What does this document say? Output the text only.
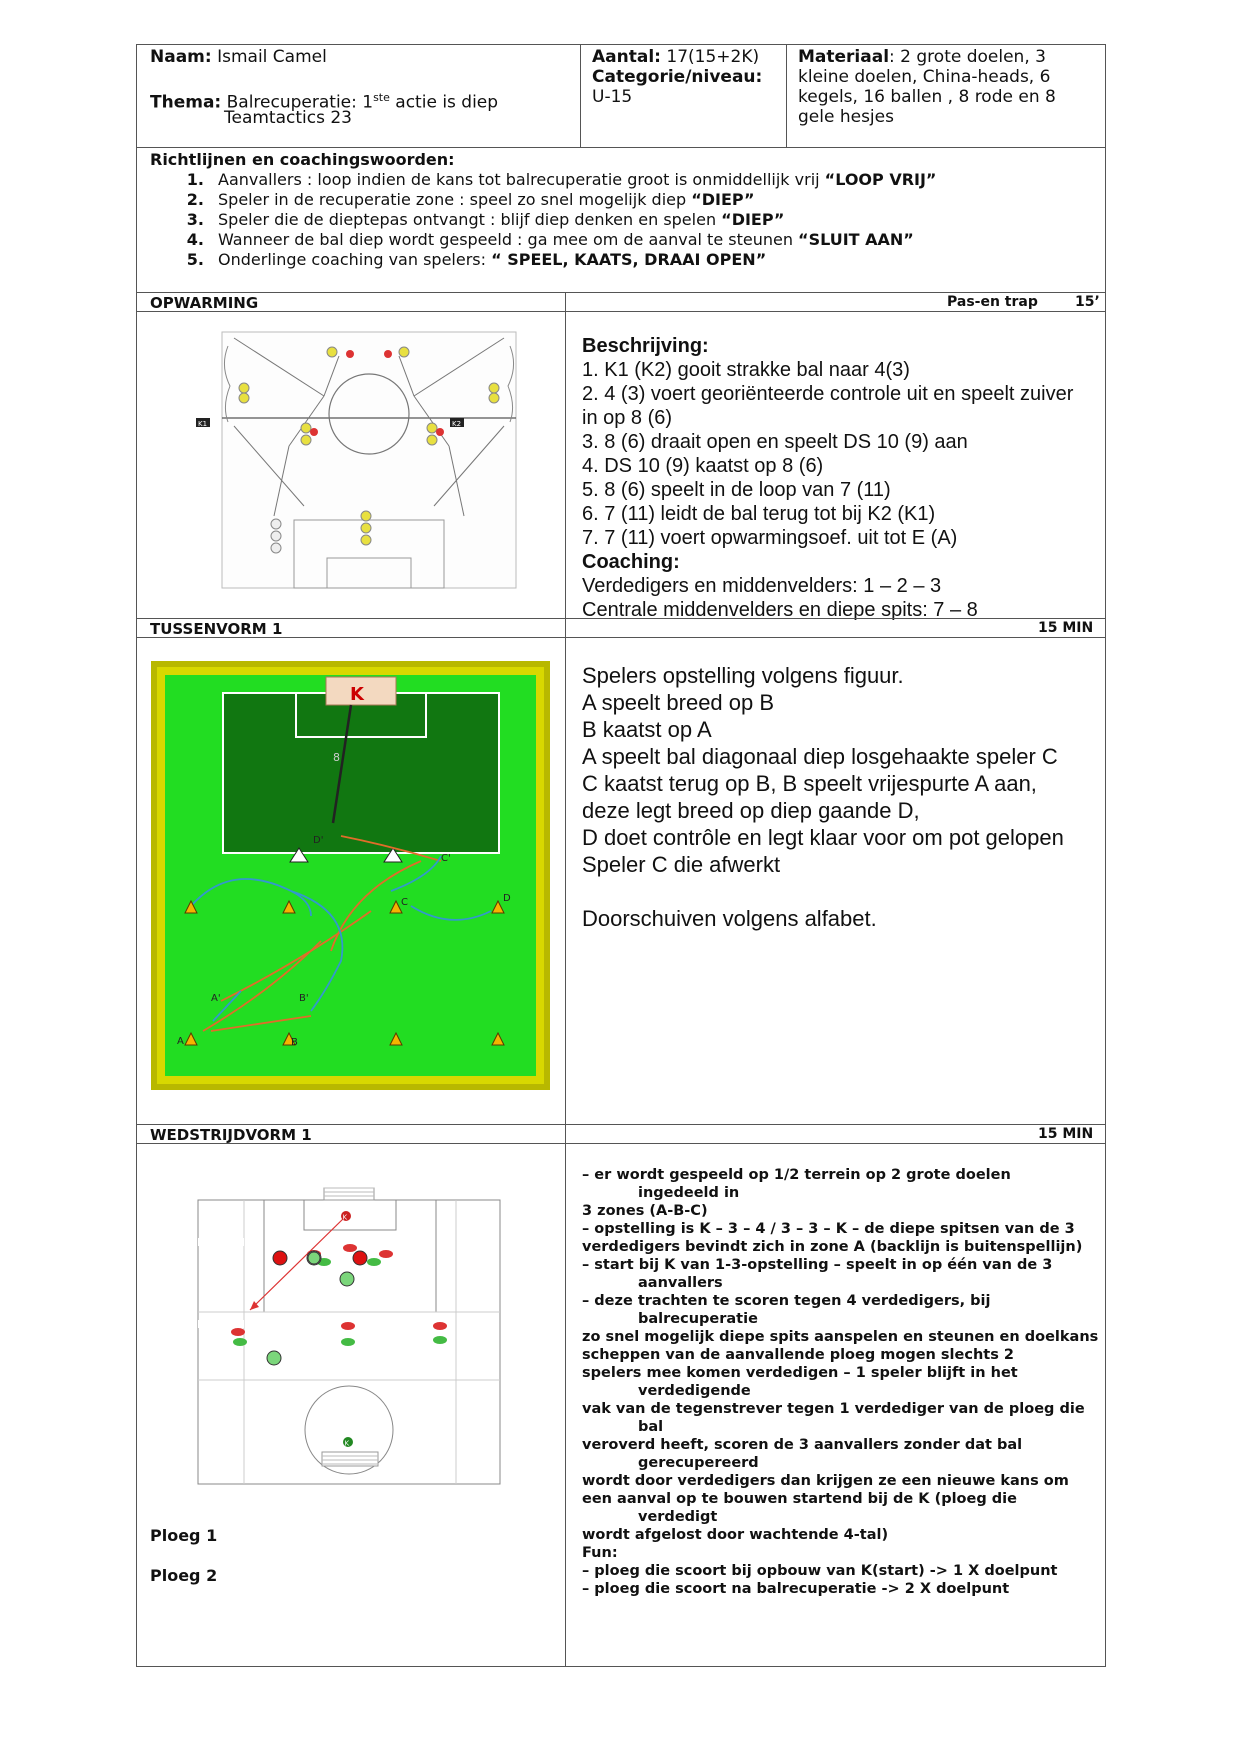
Naam: Ismail Camel
Thema: Balrecuperatie: 1ste actie is diep
Teamtactics 23
Aantal: 17(15+2K)
Categorie/niveau:
U-15
Materiaal: 2 grote doelen, 3
kleine doelen, China-heads, 6
kegels, 16 ballen , 8 rode en 8
gele hesjes
Richtlijnen en coachingswoorden:
1. Aanvallers : loop indien de kans tot balrecuperatie groot is onmiddellijk vrij “LOOP VRIJ”
2. Speler in de recuperatie zone : speel zo snel mogelijk diep “DIEP”
3. Speler die de dieptepas ontvangt : blijf diep denken en spelen “DIEP”
4. Wanneer de bal diep wordt gespeeld : ga mee om de aanval te steunen “SLUIT AAN”
5. Onderlinge coaching van spelers: “ SPEEL, KAATS, DRAAI OPEN”
OPWARMING	Pas-en trap	15’
Beschrijving:
1. K1 (K2) gooit strakke bal naar 4(3)
2. 4 (3) voert georiënteerde controle uit en speelt zuiver
in op 8 (6)
3. 8 (6) draait open en speelt DS 10 (9) aan
4. DS 10 (9) kaatst op 8 (6)
5. 8 (6) speelt in de loop van 7 (11)
6. 7 (11) leidt de bal terug tot bij K2 (K1)
7. 7 (11) voert opwarmingsoef. uit tot E (A)
Coaching:
Verdedigers en middenvelders: 1 – 2 – 3
Centrale middenvelders en diepe spits: 7 – 8
K1	K2
TUSSENVORM 1	15 MIN
Spelers opstelling volgens figuur.
A speelt breed op B
B kaatst op A
A speelt bal diagonaal diep losgehaakte speler C
C kaatst terug op B, B speelt vrijespurte A aan,
deze legt breed op diep gaande D,
D doet contrôle en legt klaar voor om pot gelopen
Speler C die afwerkt
Doorschuiven volgens alfabet.
K
8
A	B
D
C
A'	B'
C'
D'
WEDSTRIJDVORM 1	15 MIN
Ploeg 1
Ploeg 2
– er wordt gespeeld op 1/2 terrein op 2 grote doelen
ingedeeld in
3 zones (A-B-C)
– opstelling is K – 3 – 4 / 3 – 3 – K – de diepe spitsen van de 3
verdedigers bevindt zich in zone A (backlijn is buitenspellijn)
– start bij K van 1-3-opstelling – speelt in op één van de 3
aanvallers
– deze trachten te scoren tegen 4 verdedigers, bij
balrecuperatie
zo snel mogelijk diepe spits aanspelen en steunen en doelkans
scheppen van de aanvallende ploeg mogen slechts 2
spelers mee komen verdedigen – 1 speler blijft in het
verdedigende
vak van de tegenstrever tegen 1 verdediger van de ploeg die
bal
veroverd heeft, scoren de 3 aanvallers zonder dat bal
gerecupereerd
wordt door verdedigers dan krijgen ze een nieuwe kans om
een aanval op te bouwen startend bij de K (ploeg die
verdedigt
wordt afgelost door wachtende 4-tal)
Fun:
– ploeg die scoort bij opbouw van K(start) -> 1 X doelpunt
– ploeg die scoort na balrecuperatie -> 2 X doelpunt
K
K
